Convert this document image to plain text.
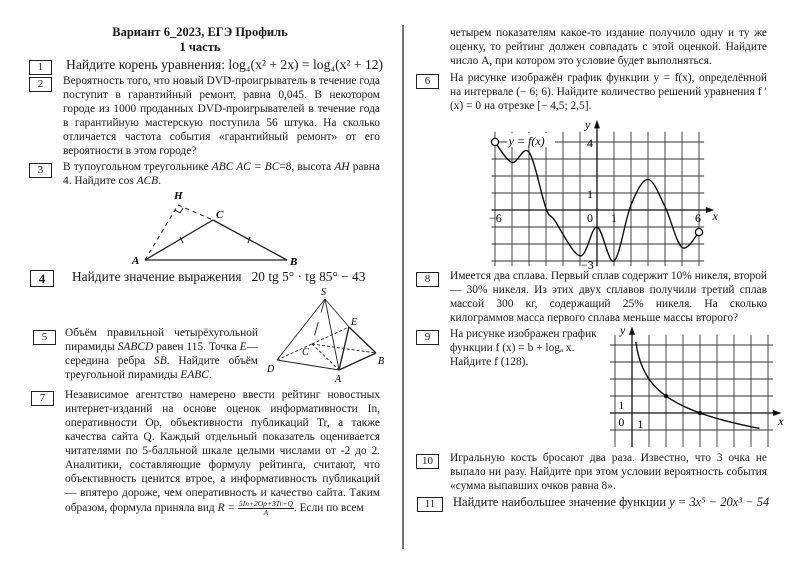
Вариант 6_2023, ЕГЭ Профиль
1 часть
1	Найдите корень уравнения: log₄(x² + 2x) = log₄(x² + 12)
2	Вероятность того, что новый DVD-проигрыватель в течение года поступит в гарантийный ремонт, равна 0,045. В некотором городе из 1000 проданных DVD-проигрывателей в течение года в гарантийную мастерскую поступила 56 штука. На сколько отличается частота события «гарантийный ремонт» от его вероятности в этом городе?
3	В тупоугольном треугольнике ABC AC = BC=8, высота AH равна 4. Найдите cos ACB.
A	B
C
H
4	Найдите значение выражения 20 tg 5° · tg 85° − 43
5	Объём правильной четырёхугольной пирамиды SABCD равен 115. Точка E— середина ребра SB. Найдите объём треугольной пирамиды EABC.
S
E
C
B
D
A
7	Независимое агентство намерено ввести рейтинг новостных интернет-изданий на основе оценок информативности In, оперативности Op, объективности публикаций Tr, а также качества сайта Q. Каждый отдельный показатель оценивается читателями по 5-балльной шкале целыми числами от -2 до 2. Аналитики, составляющие формулу рейтинга, считают, что объективность ценится втрое, а информативность публикаций — впятеро дороже, чем оперативность и качество сайта. Таким образом, формула приняла вид $R = \frac{5In+2Op+3Tr+Q}{A}$ . Если по всем
четырем показателям какое-то издание получило одну и ту же оценку, то рейтинг должен совпадать с этой оценкой. Найдите число A, при котором это условие будет выполняться.
6	На рисунке изображён график функции y = f(x), определённой на интервале (− 6; 6). Найдите количество решений уравнения f ′(x) = 0 на отрезке [− 4,5; 2,5].
−6	0 1	6
4
1
−3
x
y
y = f(x)
8	Имеется два сплава. Первый сплав содержит 10% никеля, второй — 30% никеля. Из этих двух сплавов получили третий сплав массой 300 кг, содержащий 25% никеля. На сколько килограммов масса первого сплава меньше массы второго?
9	На рисунке изображен график
функции f (x) = b + logₐ x.
Найдите f (128).
0 1
1
x
y
10	Игральную кость бросают два раза. Известно, что 3 очка не выпало ни разу. Найдите при этом условии вероятность события «сумма выпавших очков равна 8».
11	Найдите наибольшее значение функции y = 3x⁵ − 20x³ − 54
